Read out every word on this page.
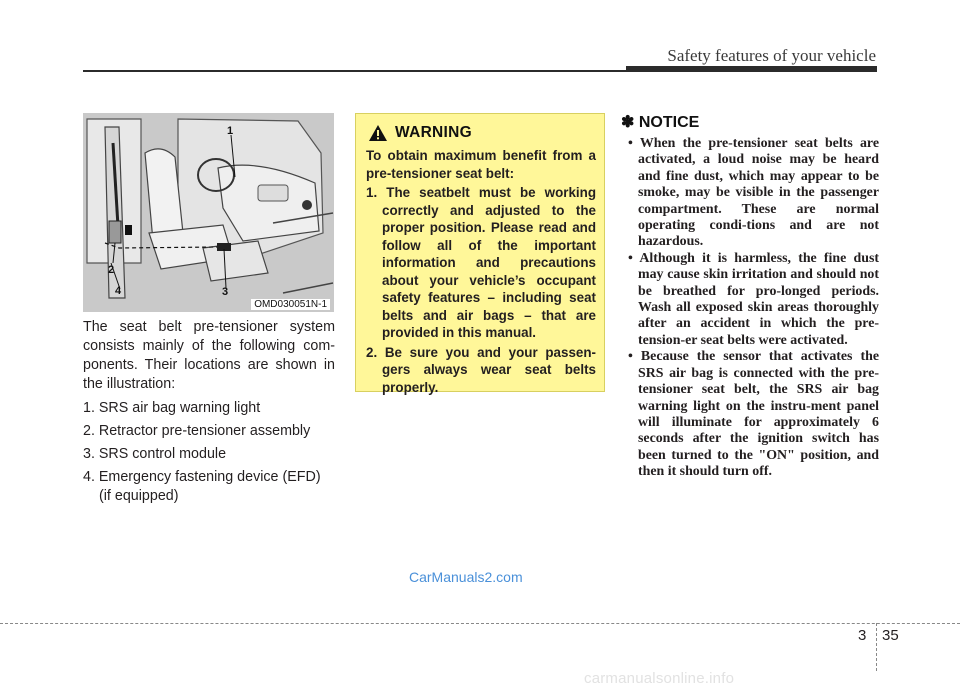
Safety features of your vehicle
1
2
3
4
OMD030051N-1

The seat belt pre-tensioner system consists mainly of the following com-ponents. Their locations are shown in the illustration:

1. SRS air bag warning light
2. Retractor pre-tensioner assembly
3. SRS control module
4. Emergency fastening device (EFD) (if equipped)
WARNING

To obtain maximum benefit from a pre-tensioner seat belt:

1. The seatbelt must be working correctly and adjusted to the proper position. Please read and follow all of the important information and precautions about your vehicle’s occupant safety features – including seat belts and air bags – that are provided in this manual.
2. Be sure you and your passen-gers always wear seat belts properly.
✽ NOTICE
• When the pre-tensioner seat belts are activated, a loud noise may be heard and fine dust, which may appear to be smoke, may be visible in the passenger compartment. These are normal operating condi-tions and are not hazardous.
• Although it is harmless, the fine dust may cause skin irritation and should not be breathed for pro-longed periods. Wash all exposed skin areas thoroughly after an accident in which the pre-tension-er seat belts were activated.
• Because the sensor that activates the SRS air bag is connected with the pre-tensioner seat belt, the SRS air bag warning light on the instru-ment panel will illuminate for approximately 6 seconds after the ignition switch has been turned to the "ON" position, and then it should turn off.
CarManuals2.com
3 35
carmanualsonline.info
